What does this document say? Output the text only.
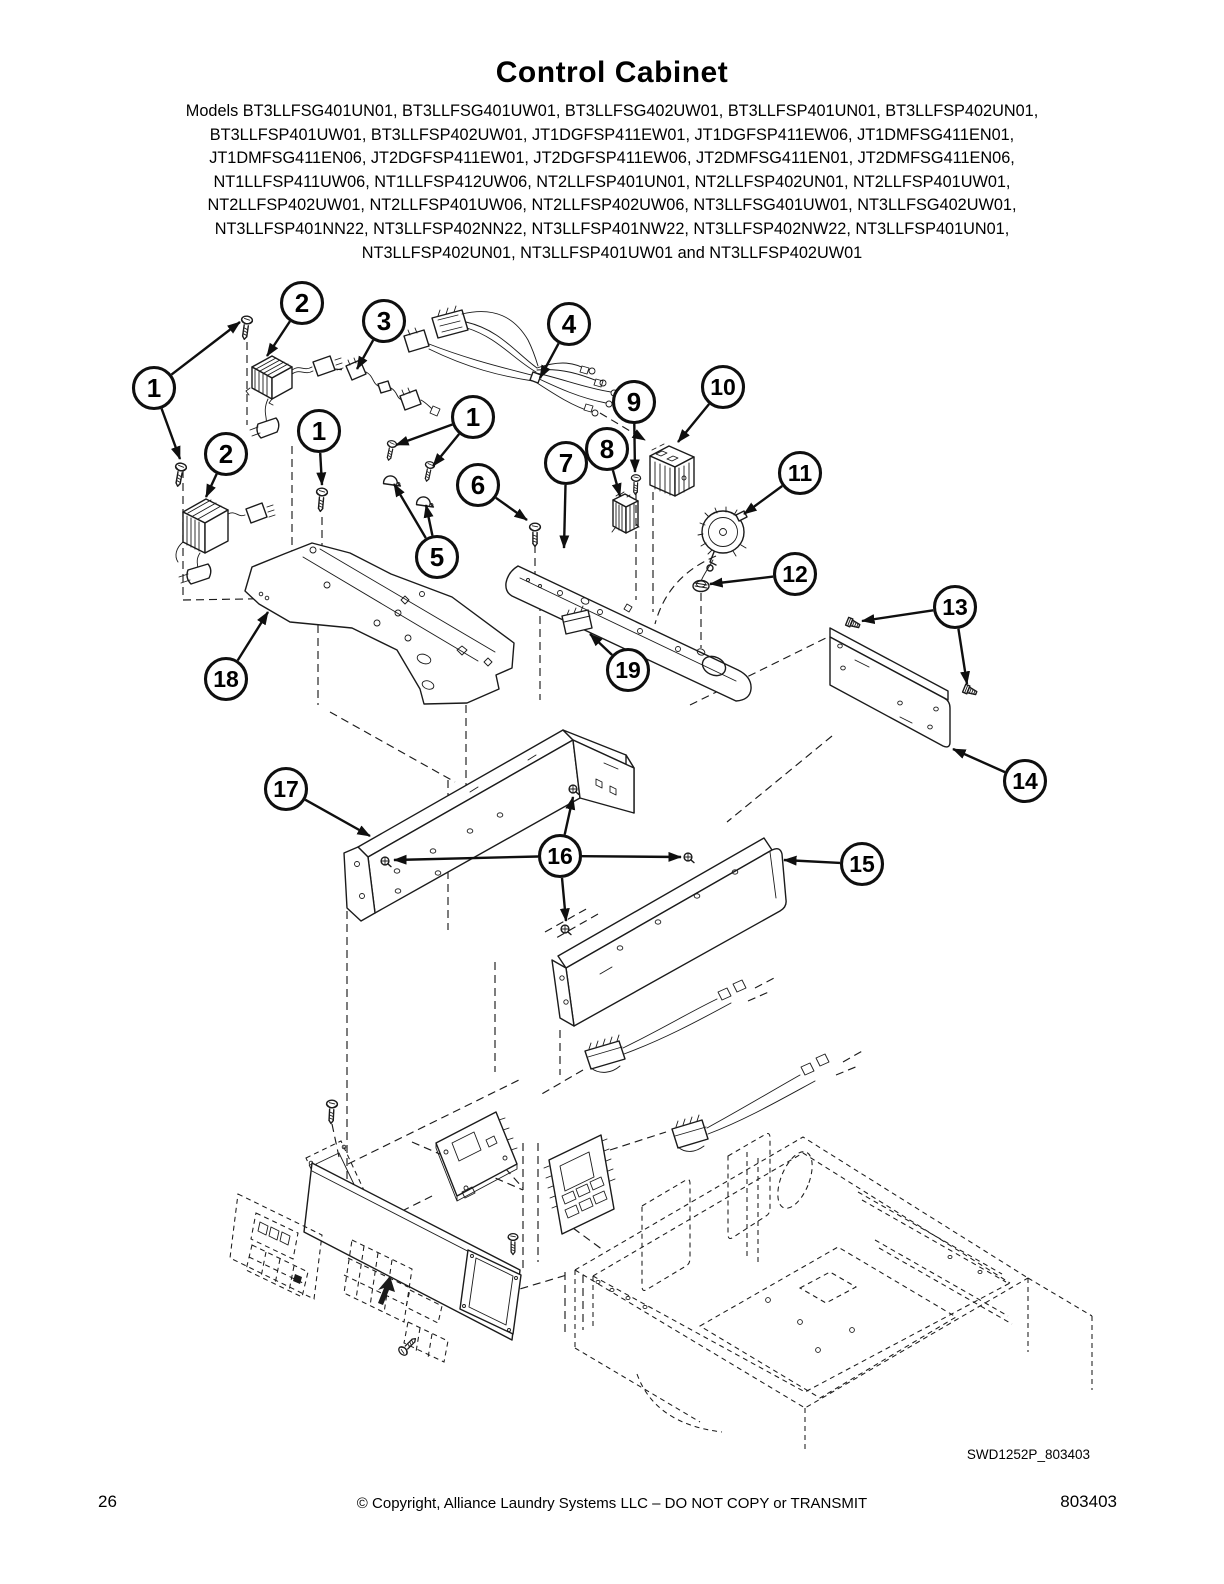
1
2
3	4
1	1
2
5
6
7 8
9	10
11
12
13
14
15
16
17
18	19
Control Cabinet
Models BT3LLFSG401UN01, BT3LLFSG401UW01, BT3LLFSG402UW01, BT3LLFSP401UN01, BT3LLFSP402UN01,
BT3LLFSP401UW01, BT3LLFSP402UW01, JT1DGFSP411EW01, JT1DGFSP411EW06, JT1DMFSG411EN01,
JT1DMFSG411EN06, JT2DGFSP411EW01, JT2DGFSP411EW06, JT2DMFSG411EN01, JT2DMFSG411EN06,
NT1LLFSP411UW06, NT1LLFSP412UW06, NT2LLFSP401UN01, NT2LLFSP402UN01, NT2LLFSP401UW01,
NT2LLFSP402UW01, NT2LLFSP401UW06, NT2LLFSP402UW06, NT3LLFSG401UW01, NT3LLFSG402UW01,
NT3LLFSP401NN22, NT3LLFSP402NN22, NT3LLFSP401NW22, NT3LLFSP402NW22, NT3LLFSP401UN01,
NT3LLFSP402UN01, NT3LLFSP401UW01 and NT3LLFSP402UW01
SWD1252P_803403
26	© Copyright, Alliance Laundry Systems LLC – DO NOT COPY or TRANSMIT	803403
